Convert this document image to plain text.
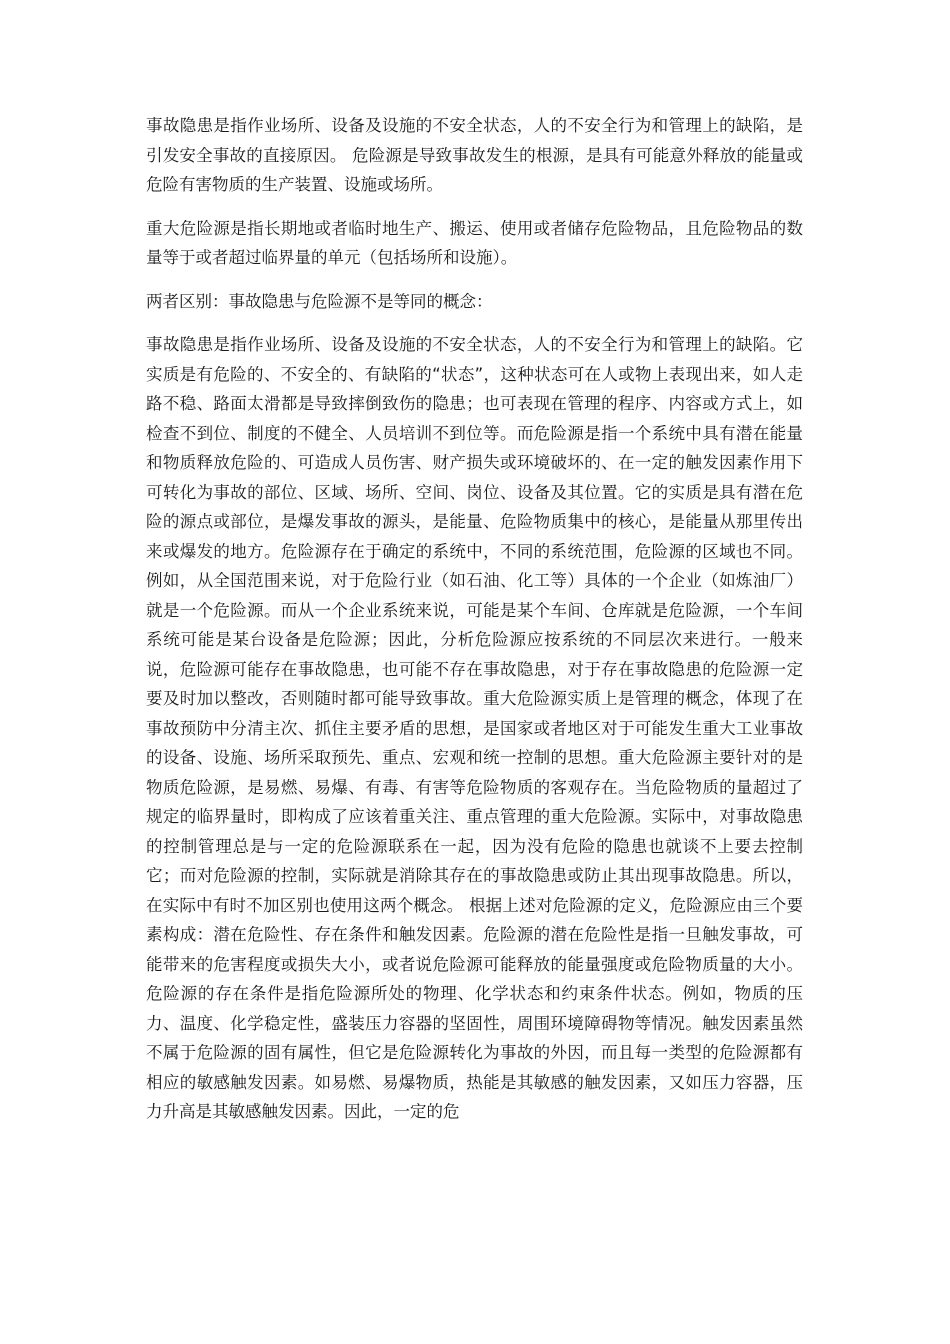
事故隐患是指作业场所、设备及设施的不安全状态，人的不安全行为和管理上的缺陷，是引发安全事故的直接原因。 危险源是导致事故发生的根源，是具有可能意外释放的能量或危险有害物质的生产装置、设施或场所。

重大危险源是指长期地或者临时地生产、搬运、使用或者储存危险物品，且危险物品的数量等于或者超过临界量的单元（包括场所和设施）。

两者区别：事故隐患与危险源不是等同的概念：

事故隐患是指作业场所、设备及设施的不安全状态，人的不安全行为和管理上的缺陷。它实质是有危险的、不安全的、有缺陷的“状态”，这种状态可在人或物上表现出来，如人走路不稳、路面太滑都是导致摔倒致伤的隐患；也可表现在管理的程序、内容或方式上，如检查不到位、制度的不健全、人员培训不到位等。而危险源是指一个系统中具有潜在能量和物质释放危险的、可造成人员伤害、财产损失或环境破坏的、在一定的触发因素作用下可转化为事故的部位、区域、场所、空间、岗位、设备及其位置。它的实质是具有潜在危险的源点或部位，是爆发事故的源头，是能量、危险物质集中的核心，是能量从那里传出来或爆发的地方。危险源存在于确定的系统中，不同的系统范围，危险源的区域也不同。例如，从全国范围来说，对于危险行业（如石油、化工等）具体的一个企业（如炼油厂）就是一个危险源。而从一个企业系统来说，可能是某个车间、仓库就是危险源，一个车间系统可能是某台设备是危险源；因此，分析危险源应按系统的不同层次来进行。一般来说，危险源可能存在事故隐患，也可能不存在事故隐患，对于存在事故隐患的危险源一定要及时加以整改，否则随时都可能导致事故。重大危险源实质上是管理的概念，体现了在事故预防中分清主次、抓住主要矛盾的思想，是国家或者地区对于可能发生重大工业事故的设备、设施、场所采取预先、重点、宏观和统一控制的思想。重大危险源主要针对的是物质危险源，是易燃、易爆、有毒、有害等危险物质的客观存在。当危险物质的量超过了规定的临界量时，即构成了应该着重关注、重点管理的重大危险源。实际中，对事故隐患的控制管理总是与一定的危险源联系在一起，因为没有危险的隐患也就谈不上要去控制它；而对危险源的控制，实际就是消除其存在的事故隐患或防止其出现事故隐患。所以，在实际中有时不加区别也使用这两个概念。 根据上述对危险源的定义，危险源应由三个要素构成：潜在危险性、存在条件和触发因素。危险源的潜在危险性是指一旦触发事故，可能带来的危害程度或损失大小，或者说危险源可能释放的能量强度或危险物质量的大小。危险源的存在条件是指危险源所处的物理、化学状态和约束条件状态。例如，物质的压力、温度、化学稳定性，盛装压力容器的坚固性，周围环境障碍物等情况。触发因素虽然不属于危险源的固有属性，但它是危险源转化为事故的外因，而且每一类型的危险源都有相应的敏感触发因素。如易燃、易爆物质，热能是其敏感的触发因素，又如压力容器，压力升高是其敏感触发因素。因此，一定的危
